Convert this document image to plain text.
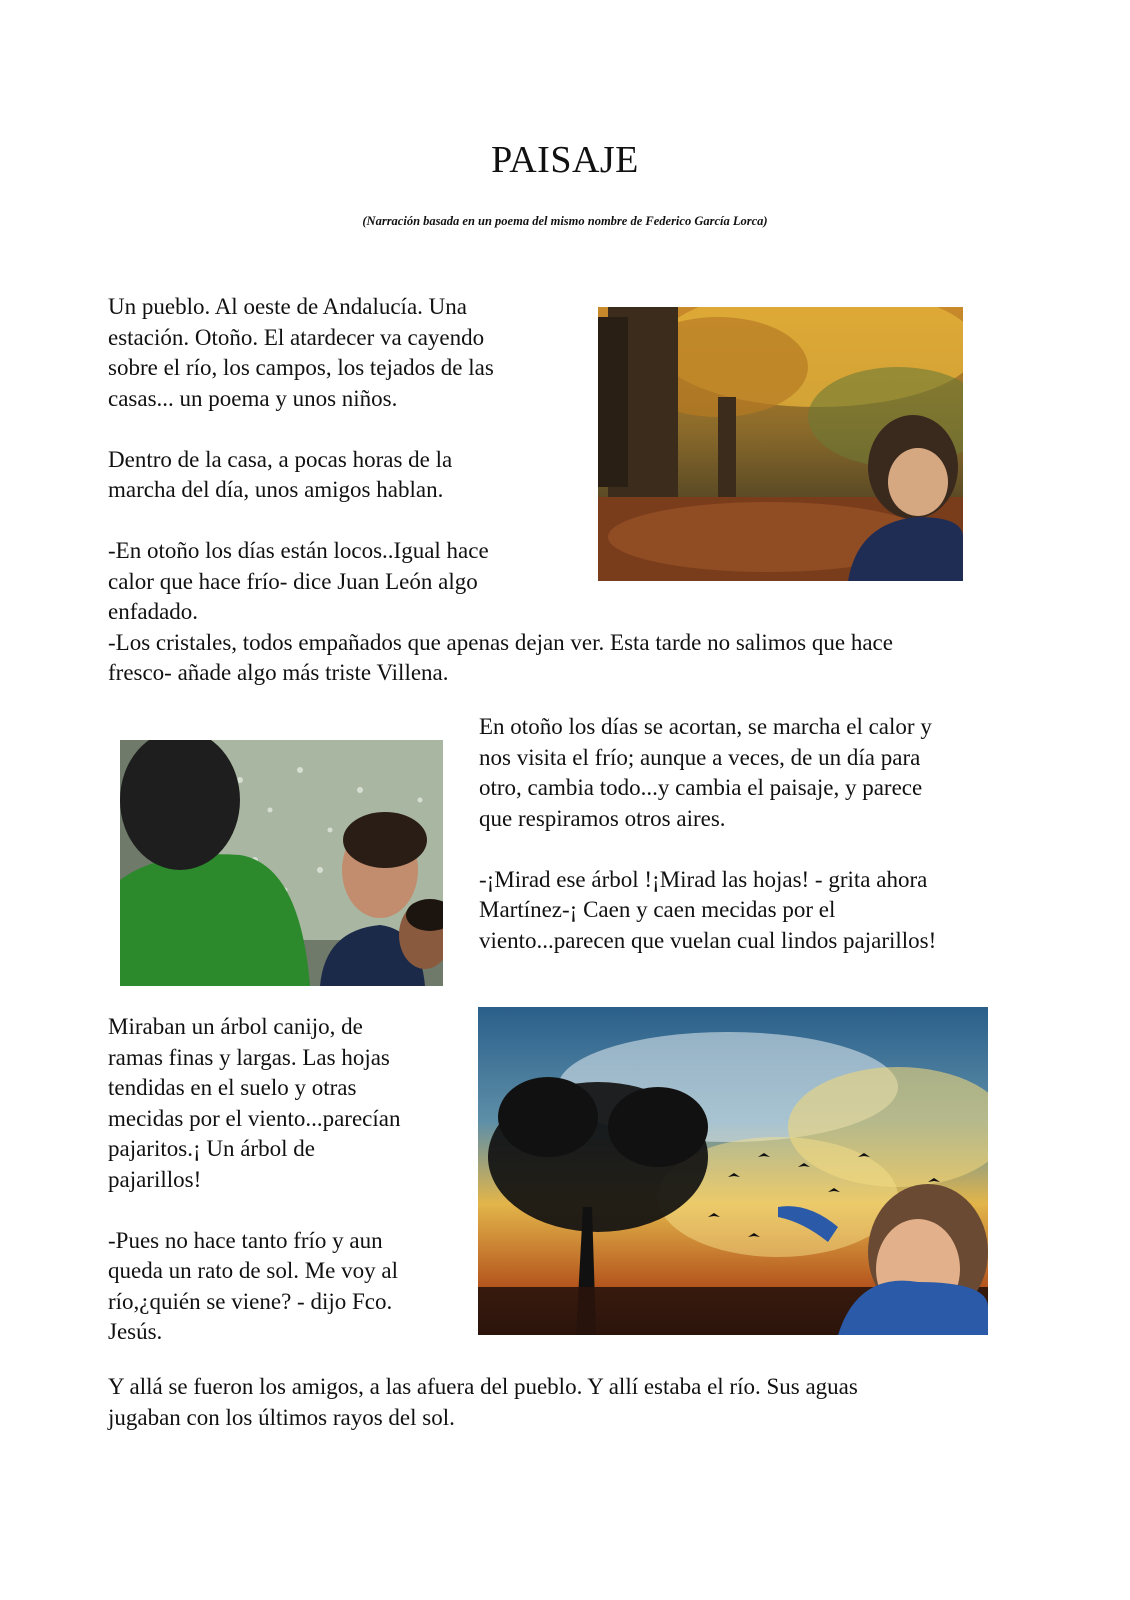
PAISAJE
(Narración basada en un poema del mismo nombre de Federico García Lorca)

Un pueblo. Al oeste de Andalucía. Una

estación. Otoño. El atardecer va cayendo

sobre el río, los campos, los tejados de las

casas... un poema y unos niños.

Dentro de la casa, a pocas horas de la

marcha del día, unos amigos hablan.

-En otoño los días están locos..Igual hace

calor que hace frío- dice Juan León algo

enfadado.

-Los cristales, todos empañados que apenas dejan ver. Esta tarde no salimos que hace

fresco- añade algo más triste Villena.

En otoño los días se acortan, se marcha el calor y

nos visita el frío; aunque a veces, de un día para

otro, cambia todo...y cambia el paisaje, y parece

que respiramos otros aires.

-¡Mirad ese árbol !¡Mirad las hojas! - grita ahora

Martínez-¡ Caen y caen mecidas por el

viento...parecen que vuelan cual lindos pajarillos!

Miraban un árbol canijo, de

ramas finas y largas. Las hojas

tendidas en el suelo y otras

mecidas por el viento...parecían

pajaritos.¡ Un árbol de

pajarillos!

-Pues no hace tanto frío y aun

queda un rato de sol. Me voy al

río,¿quién se viene? - dijo Fco.

Jesús.

Y allá se fueron los amigos, a las afuera del pueblo. Y allí estaba el río. Sus aguas

jugaban con los últimos rayos del sol.
